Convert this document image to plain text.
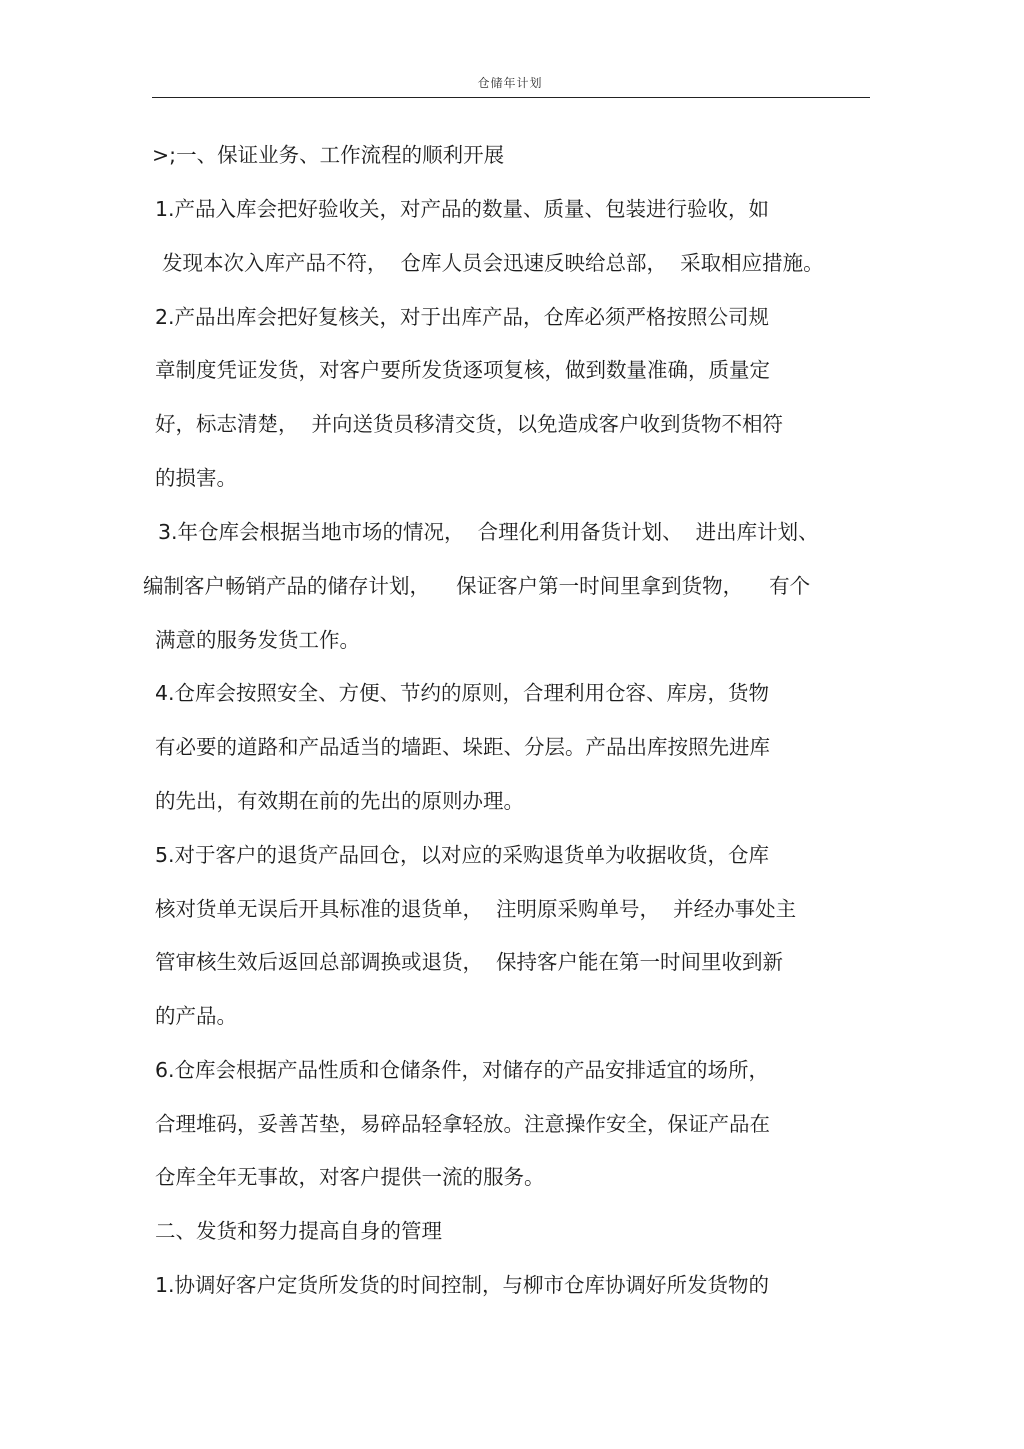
仓储年计划
>;一、保证业务、工作流程的顺利开展
1.产品入库会把好验收关，对产品的数量、质量、包装进行验收，如
发现本次入库产品不符，  仓库人员会迅速反映给总部，  采取相应措施。
2.产品出库会把好复核关，对于出库产品，仓库必须严格按照公司规
章制度凭证发货，对客户要所发货逐项复核，做到数量准确，质量定
好，标志清楚，  并向送货员移清交货，以免造成客户收到货物不相符
的损害。
3.年仓库会根据当地市场的情况，  合理化利用备货计划、  进出库计划、
编制客户畅销产品的储存计划，    保证客户第一时间里拿到货物，    有个
满意的服务发货工作。
4.仓库会按照安全、方便、节约的原则，合理利用仓容、库房，货物
有必要的道路和产品适当的墙距、垛距、分层。产品出库按照先进库
的先出，有效期在前的先出的原则办理。
5.对于客户的退货产品回仓，以对应的采购退货单为收据收货，仓库
核对货单无误后开具标准的退货单，  注明原采购单号，  并经办事处主
管审核生效后返回总部调换或退货，  保持客户能在第一时间里收到新
的产品。
6.仓库会根据产品性质和仓储条件，对储存的产品安排适宜的场所，
合理堆码，妥善苫垫，易碎品轻拿轻放。注意操作安全，保证产品在
仓库全年无事故，对客户提供一流的服务。
二、发货和努力提高自身的管理
1.协调好客户定货所发货的时间控制，与柳市仓库协调好所发货物的
